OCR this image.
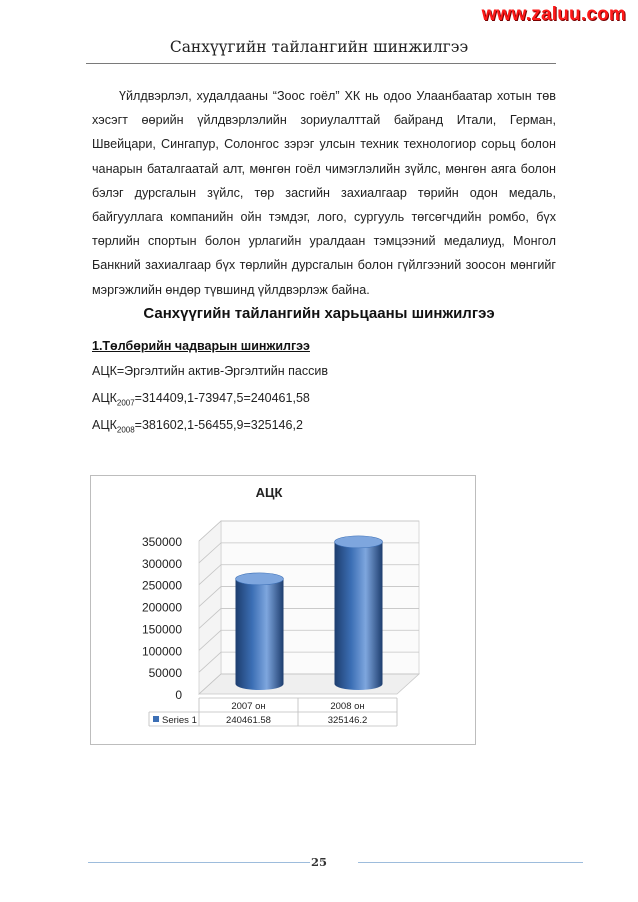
www.zaluu.com
Санхүүгийн тайлангийн шинжилгээ

Үйлдвэрлэл, худалдааны “Зоос гоёл” ХК нь одоо Улаанбаатар хотын төв хэсэгт өөрийн үйлдвэрлэлийн зориулалттай байранд Итали, Герман, Швейцари, Сингапур, Солонгос зэрэг улсын техник технологиор сорьц болон чанарын баталгаатай алт, мөнгөн гоёл чимэглэлийн зүйлс, мөнгөн аяга болон бэлэг дурсгалын зүйлс, төр засгийн захиалгаар төрийн одон медаль, байгууллага компанийн ойн тэмдэг, лого, сургууль төгсөгчдийн ромбо, бүх төрлийн спортын болон урлагийн уралдаан тэмцээний медалиуд, Монгол Банкний захиалгаар бүх төрлийн дурсгалын болон гүйлгээний зоосон мөнгийг мэргэжлийн өндөр түвшинд үйлдвэрлэж байна.

Санхүүгийн тайлангийн харьцааны шинжилгээ
1.Төлбөрийн чадварын шинжилгээ
АЦК=Эргэлтийн актив-Эргэлтийн пассив
$АЦК_{2007}=314409,1-73947,5=240461,58$
$АЦК_{2008}=381602,1-56455,9=325146,2$
АЦК
0
50000
100000
150000
200000
250000
300000
350000
2007 он
240461.58
2008 он
325146.2
Series 1
25
